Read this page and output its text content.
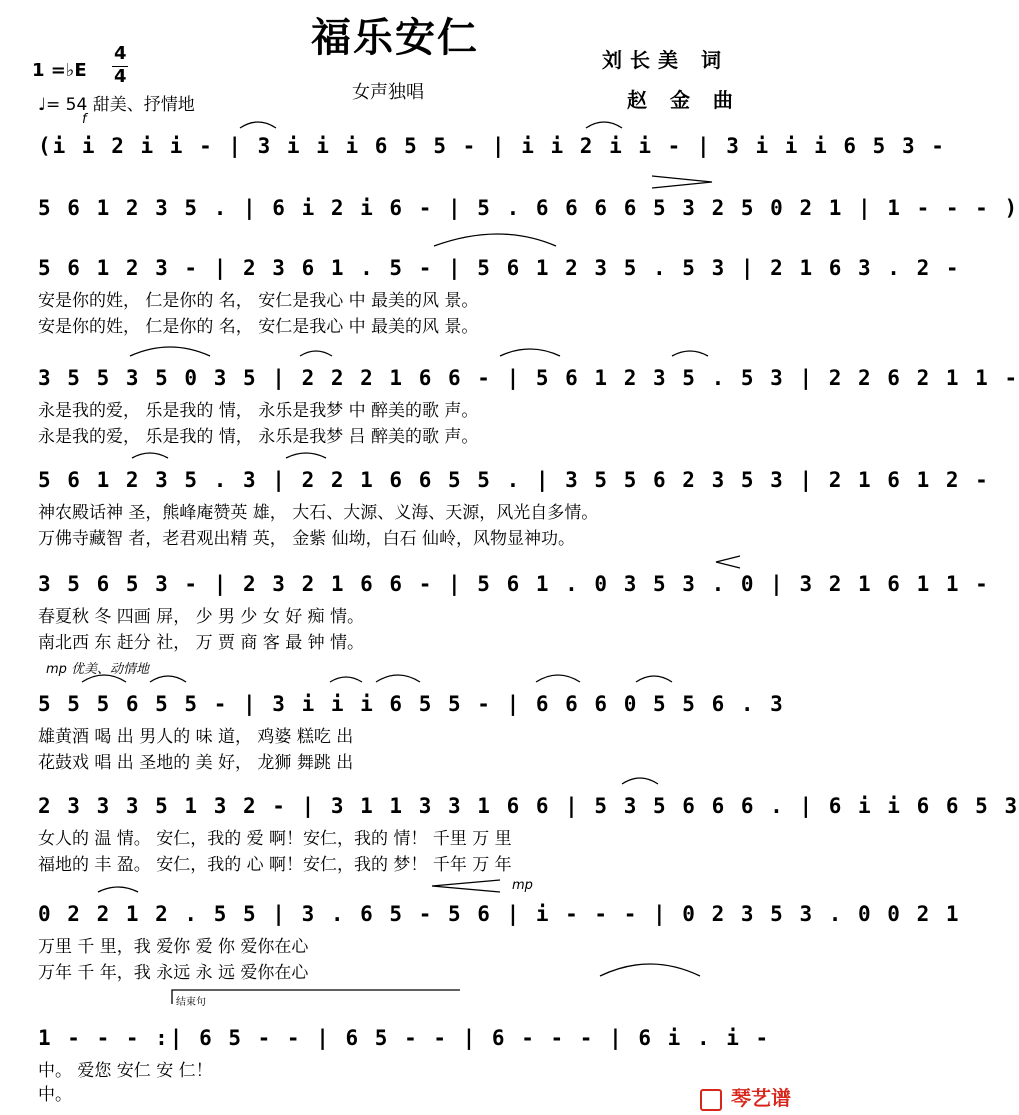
福乐安仁
1 =♭E
4
4
♩= 54 甜美、抒情地
女声独唱
刘长美 词
赵 金 曲
f
mp 优美、动情地
mp
结束句
(i i 2 i i - | 3 i i i 6 5 5 - | i i 2 i i - | 3 i i i 6 5 3 -
5 6 1 2 3 5 . | 6 i 2 i 6 - | 5 . 6 6 6 6 5 3 2 5 0 2 1 | 1 - - - )
5 6 1 2 3 - | 2 3 6 1 . 5 - | 5 6 1 2 3 5 . 5 3 | 2 1 6 3 . 2 -
安是你的姓， 仁是你的 名， 安仁是我心 中 最美的风 景。
安是你的姓， 仁是你的 名， 安仁是我心 中 最美的风 景。
3 5 5 3 5 0 3 5 | 2 2 2 1 6 6 - | 5 6 1 2 3 5 . 5 3 | 2 2 6 2 1 1 -
永是我的爱， 乐是我的 情， 永乐是我梦 中 醉美的歌 声。
永是我的爱， 乐是我的 情， 永乐是我梦 吕 醉美的歌 声。
5 6 1 2 3 5 . 3 | 2 2 1 6 6 5 5 . | 3 5 5 6 2 3 5 3 | 2 1 6 1 2 -
神农殿话神 圣，熊峰庵赞英 雄， 大石、大源、义海、天源，风光自多情。
万佛寺藏智 者，老君观出精 英， 金紫 仙坳，白石 仙岭，风物显神功。
3 5 6 5 3 - | 2 3 2 1 6 6 - | 5 6 1 . 0 3 5 3 . 0 | 3 2 1 6 1 1 -
春夏秋 冬 四画 屏， 少 男 少 女 好 痴 情。
南北西 东 赶分 社， 万 贾 商 客 最 钟 情。
5 5 5 6 5 5 - | 3 i i i 6 5 5 - | 6 6 6 0 5 5 6 . 3
雄黄酒 喝 出 男人的 味 道， 鸡婆 糕吃 出
花鼓戏 唱 出 圣地的 美 好， 龙狮 舞跳 出
2 3 3 3 5 1 3 2 - | 3 1 1 3 3 1 6 6 | 5 3 5 6 6 6 . | 6 i i 6 6 5 3
女人的 温 情。 安仁，我的 爱 啊！安仁，我的 情！ 千里 万 里
福地的 丰 盈。 安仁，我的 心 啊！安仁，我的 梦！ 千年 万 年
0 2 2 1 2 . 5 5 | 3 . 6 5 - 5 6 | i - - - | 0 2 3 5 3 . 0 0 2 1
万里 千 里，我 爱你 爱 你 爱你在心
万年 千 年，我 永远 永 远 爱你在心
1 - - - :| 6 5 - - | 6 5 - - | 6 - - - | 6 i . i -
中。 爱您 安仁 安 仁！
中。	琴艺谱
